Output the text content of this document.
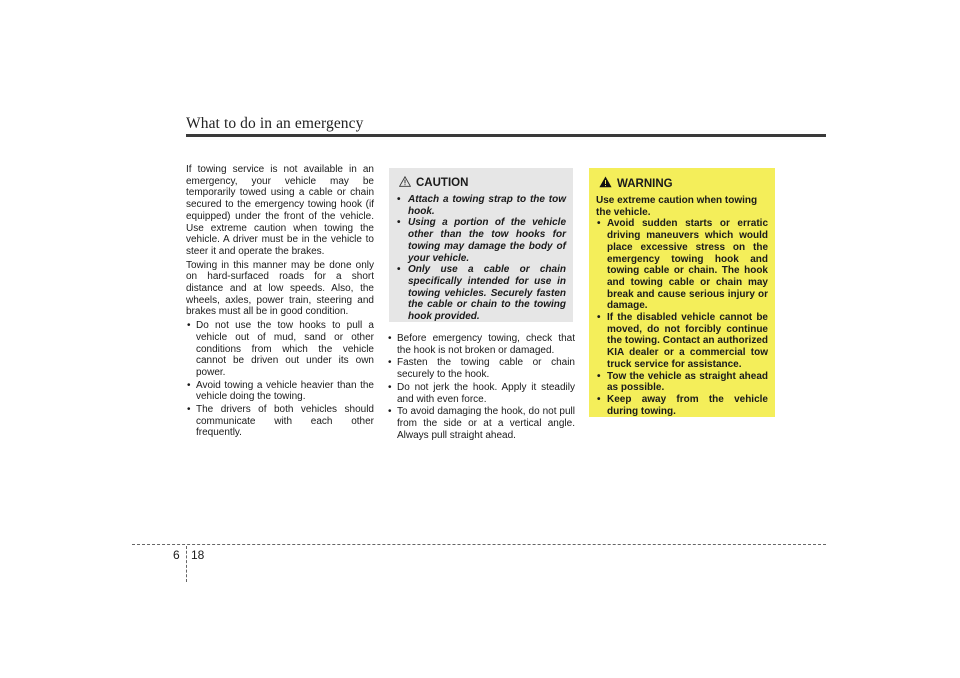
What to do in an emergency

If towing service is not available in an emergency, your vehicle may be temporarily towed using a cable or chain secured to the emergency towing hook (if equipped) under the front of the vehicle. Use extreme caution when towing the vehicle. A driver must be in the vehicle to steer it and operate the brakes.

Towing in this manner may be done only on hard-surfaced roads for a short distance and at low speeds. Also, the wheels, axles, power train, steering and brakes must all be in good condition.

• Do not use the tow hooks to pull a vehicle out of mud, sand or other conditions from which the vehicle cannot be driven out under its own power.
• Avoid towing a vehicle heavier than the vehicle doing the towing.
• The drivers of both vehicles should communicate with each other frequently.
CAUTION
• Attach a towing strap to the tow hook.
• Using a portion of the vehicle other than the tow hooks for towing may damage the body of your vehicle.
• Only use a cable or chain specifically intended for use in towing vehicles. Securely fasten the cable or chain to the towing hook provided.
• Before emergency towing, check that the hook is not broken or damaged.
• Fasten the towing cable or chain securely to the hook.
• Do not jerk the hook. Apply it steadily and with even force.
• To avoid damaging the hook, do not pull from the side or at a vertical angle. Always pull straight ahead.
WARNING

Use extreme caution when towing the vehicle.

• Avoid sudden starts or erratic driving maneuvers which would place excessive stress on the emergency towing hook and towing cable or chain. The hook and towing cable or chain may break and cause serious injury or damage.
• If the disabled vehicle cannot be moved, do not forcibly continue the towing. Contact an authorized KIA dealer or a commercial tow truck service for assistance.
• Tow the vehicle as straight ahead as possible.
• Keep away from the vehicle during towing.
6 18
